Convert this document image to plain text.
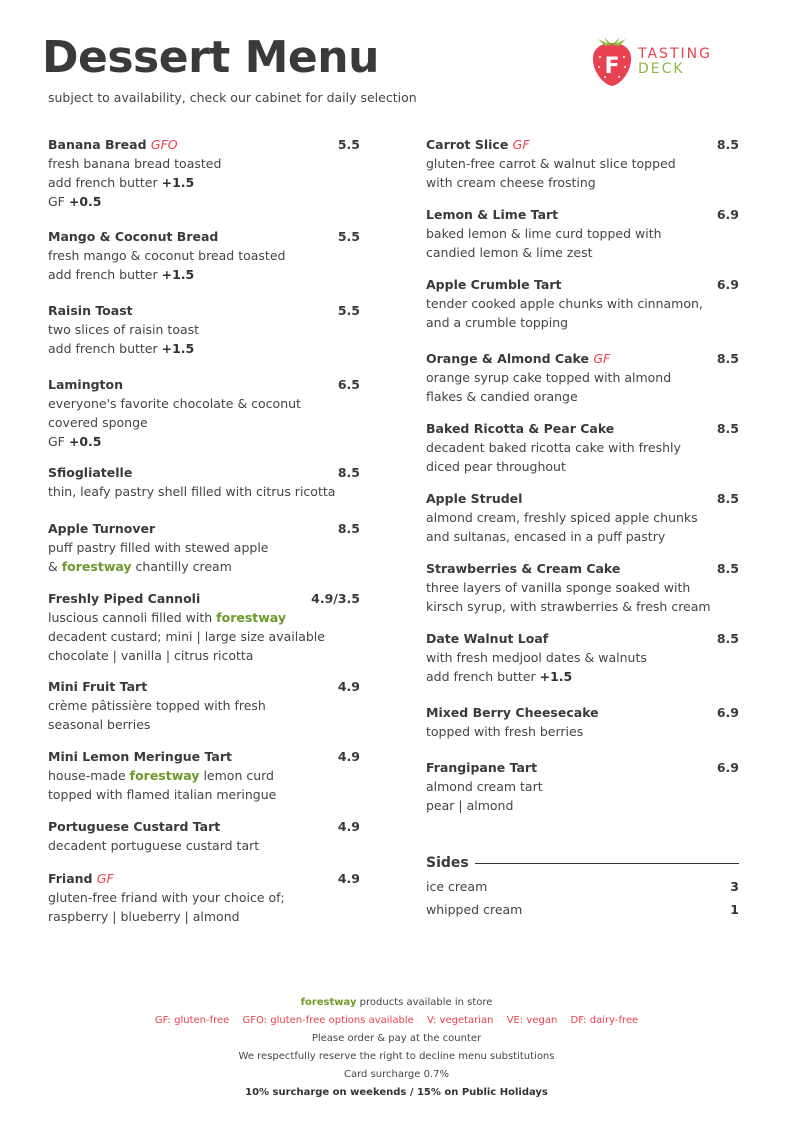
Dessert Menu
subject to availability, check our cabinet for daily selection
F TASTING
DECK
Banana Bread GFO	5.5
fresh banana bread toasted
add french butter +1.5
GF +0.5
Mango & Coconut Bread	5.5
fresh mango & coconut bread toasted
add french butter +1.5
Raisin Toast	5.5
two slices of raisin toast
add french butter +1.5
Lamington	6.5
everyone's favorite chocolate & coconut
covered sponge
GF +0.5
Sfiogliatelle	8.5
thin, leafy pastry shell filled with citrus ricotta
Apple Turnover	8.5
puff pastry filled with stewed apple
& forestway chantilly cream
Freshly Piped Cannoli	4.9/3.5
luscious cannoli filled with forestway
decadent custard; mini | large size available
chocolate | vanilla | citrus ricotta
Mini Fruit Tart	4.9
crème pâtissière topped with fresh
seasonal berries
Mini Lemon Meringue Tart	4.9
house-made forestway lemon curd
topped with flamed italian meringue
Portuguese Custard Tart	4.9
decadent portuguese custard tart
Friand GF	4.9
gluten-free friand with your choice of;
raspberry | blueberry | almond
Carrot Slice GF	8.5
gluten-free carrot & walnut slice topped
with cream cheese frosting
Lemon & Lime Tart	6.9
baked lemon & lime curd topped with
candied lemon & lime zest
Apple Crumble Tart	6.9
tender cooked apple chunks with cinnamon,
and a crumble topping
Orange & Almond Cake GF	8.5
orange syrup cake topped with almond
flakes & candied orange
Baked Ricotta & Pear Cake	8.5
decadent baked ricotta cake with freshly
diced pear throughout
Apple Strudel	8.5
almond cream, freshly spiced apple chunks
and sultanas, encased in a puff pastry
Strawberries & Cream Cake	8.5
three layers of vanilla sponge soaked with
kirsch syrup, with strawberries & fresh cream
Date Walnut Loaf	8.5
with fresh medjool dates & walnuts
add french butter +1.5
Mixed Berry Cheesecake	6.9
topped with fresh berries
Frangipane Tart	6.9
almond cream tart
pear | almond
Sides
ice cream	3
whipped cream	1
forestway products available in store
GF: gluten-free GFO: gluten-free options available V: vegetarian VE: vegan DF: dairy-free
Please order & pay at the counter
We respectfully reserve the right to decline menu substitutions
Card surcharge 0.7%
10% surcharge on weekends / 15% on Public Holidays
